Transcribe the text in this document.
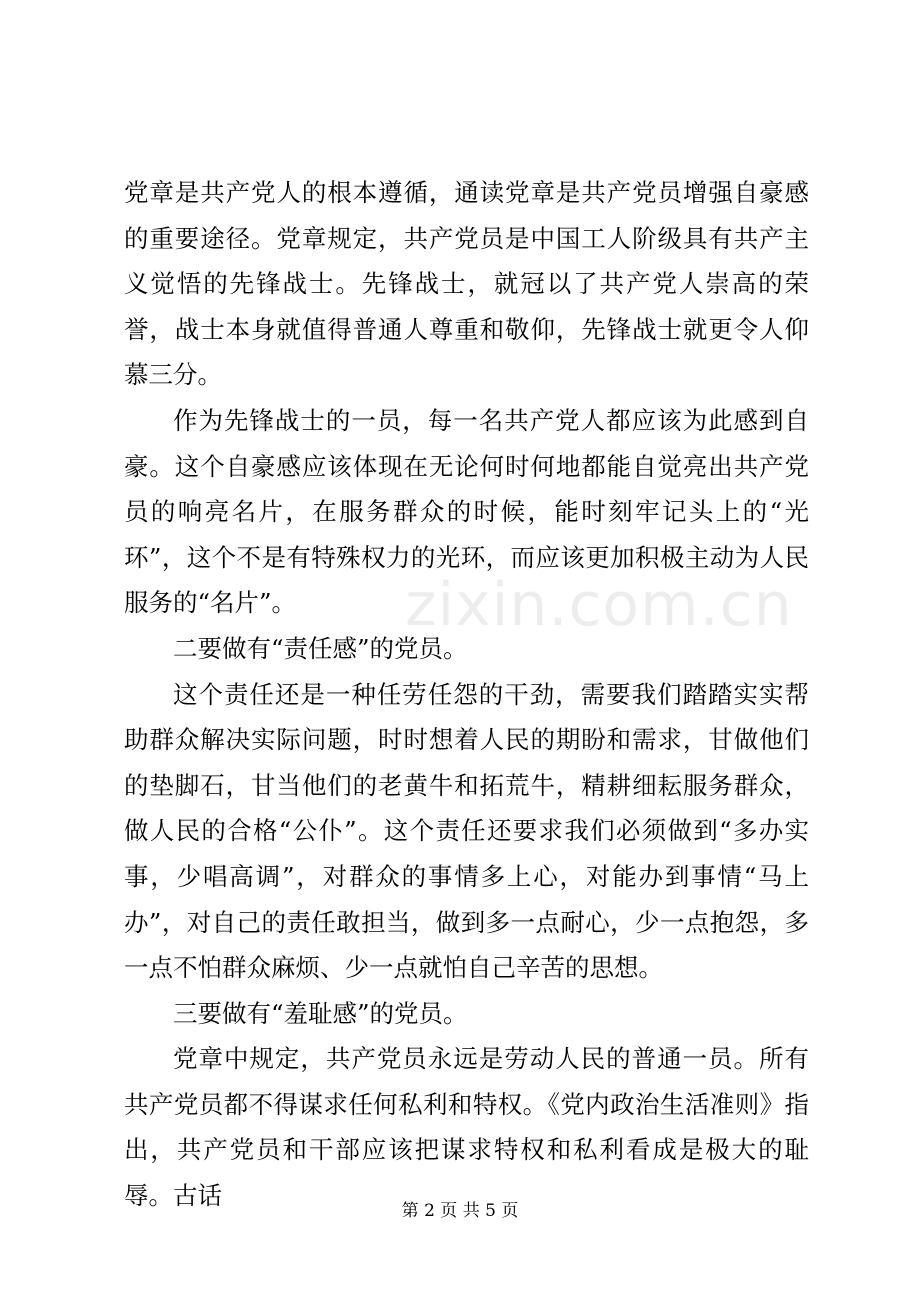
党章是共产党人的根本遵循，通读党章是共产党员增强自豪感的重要途径。党章规定，共产党员是中国工人阶级具有共产主义觉悟的先锋战士。先锋战士，就冠以了共产党人崇高的荣誉，战士本身就值得普通人尊重和敬仰，先锋战士就更令人仰慕三分。

作为先锋战士的一员，每一名共产党人都应该为此感到自豪。这个自豪感应该体现在无论何时何地都能自觉亮出共产党员的响亮名片，在服务群众的时候，能时刻牢记头上的“光环”，这个不是有特殊权力的光环，而应该更加积极主动为人民服务的“名片”。

二要做有“责任感”的党员。

这个责任还是一种任劳任怨的干劲，需要我们踏踏实实帮助群众解决实际问题，时时想着人民的期盼和需求，甘做他们的垫脚石，甘当他们的老黄牛和拓荒牛，精耕细耘服务群众，做人民的合格“公仆”。这个责任还要求我们必须做到“多办实事，少唱高调”，对群众的事情多上心，对能办到事情“马上办”，对自己的责任敢担当，做到多一点耐心，少一点抱怨，多一点不怕群众麻烦、少一点就怕自己辛苦的思想。

三要做有“羞耻感”的党员。

党章中规定，共产党员永远是劳动人民的普通一员。所有共产党员都不得谋求任何私利和特权。《党内政治生活准则》指出，共产党员和干部应该把谋求特权和私利看成是极大的耻辱。古话

zixin.com.cn
第 2 页 共 5 页
